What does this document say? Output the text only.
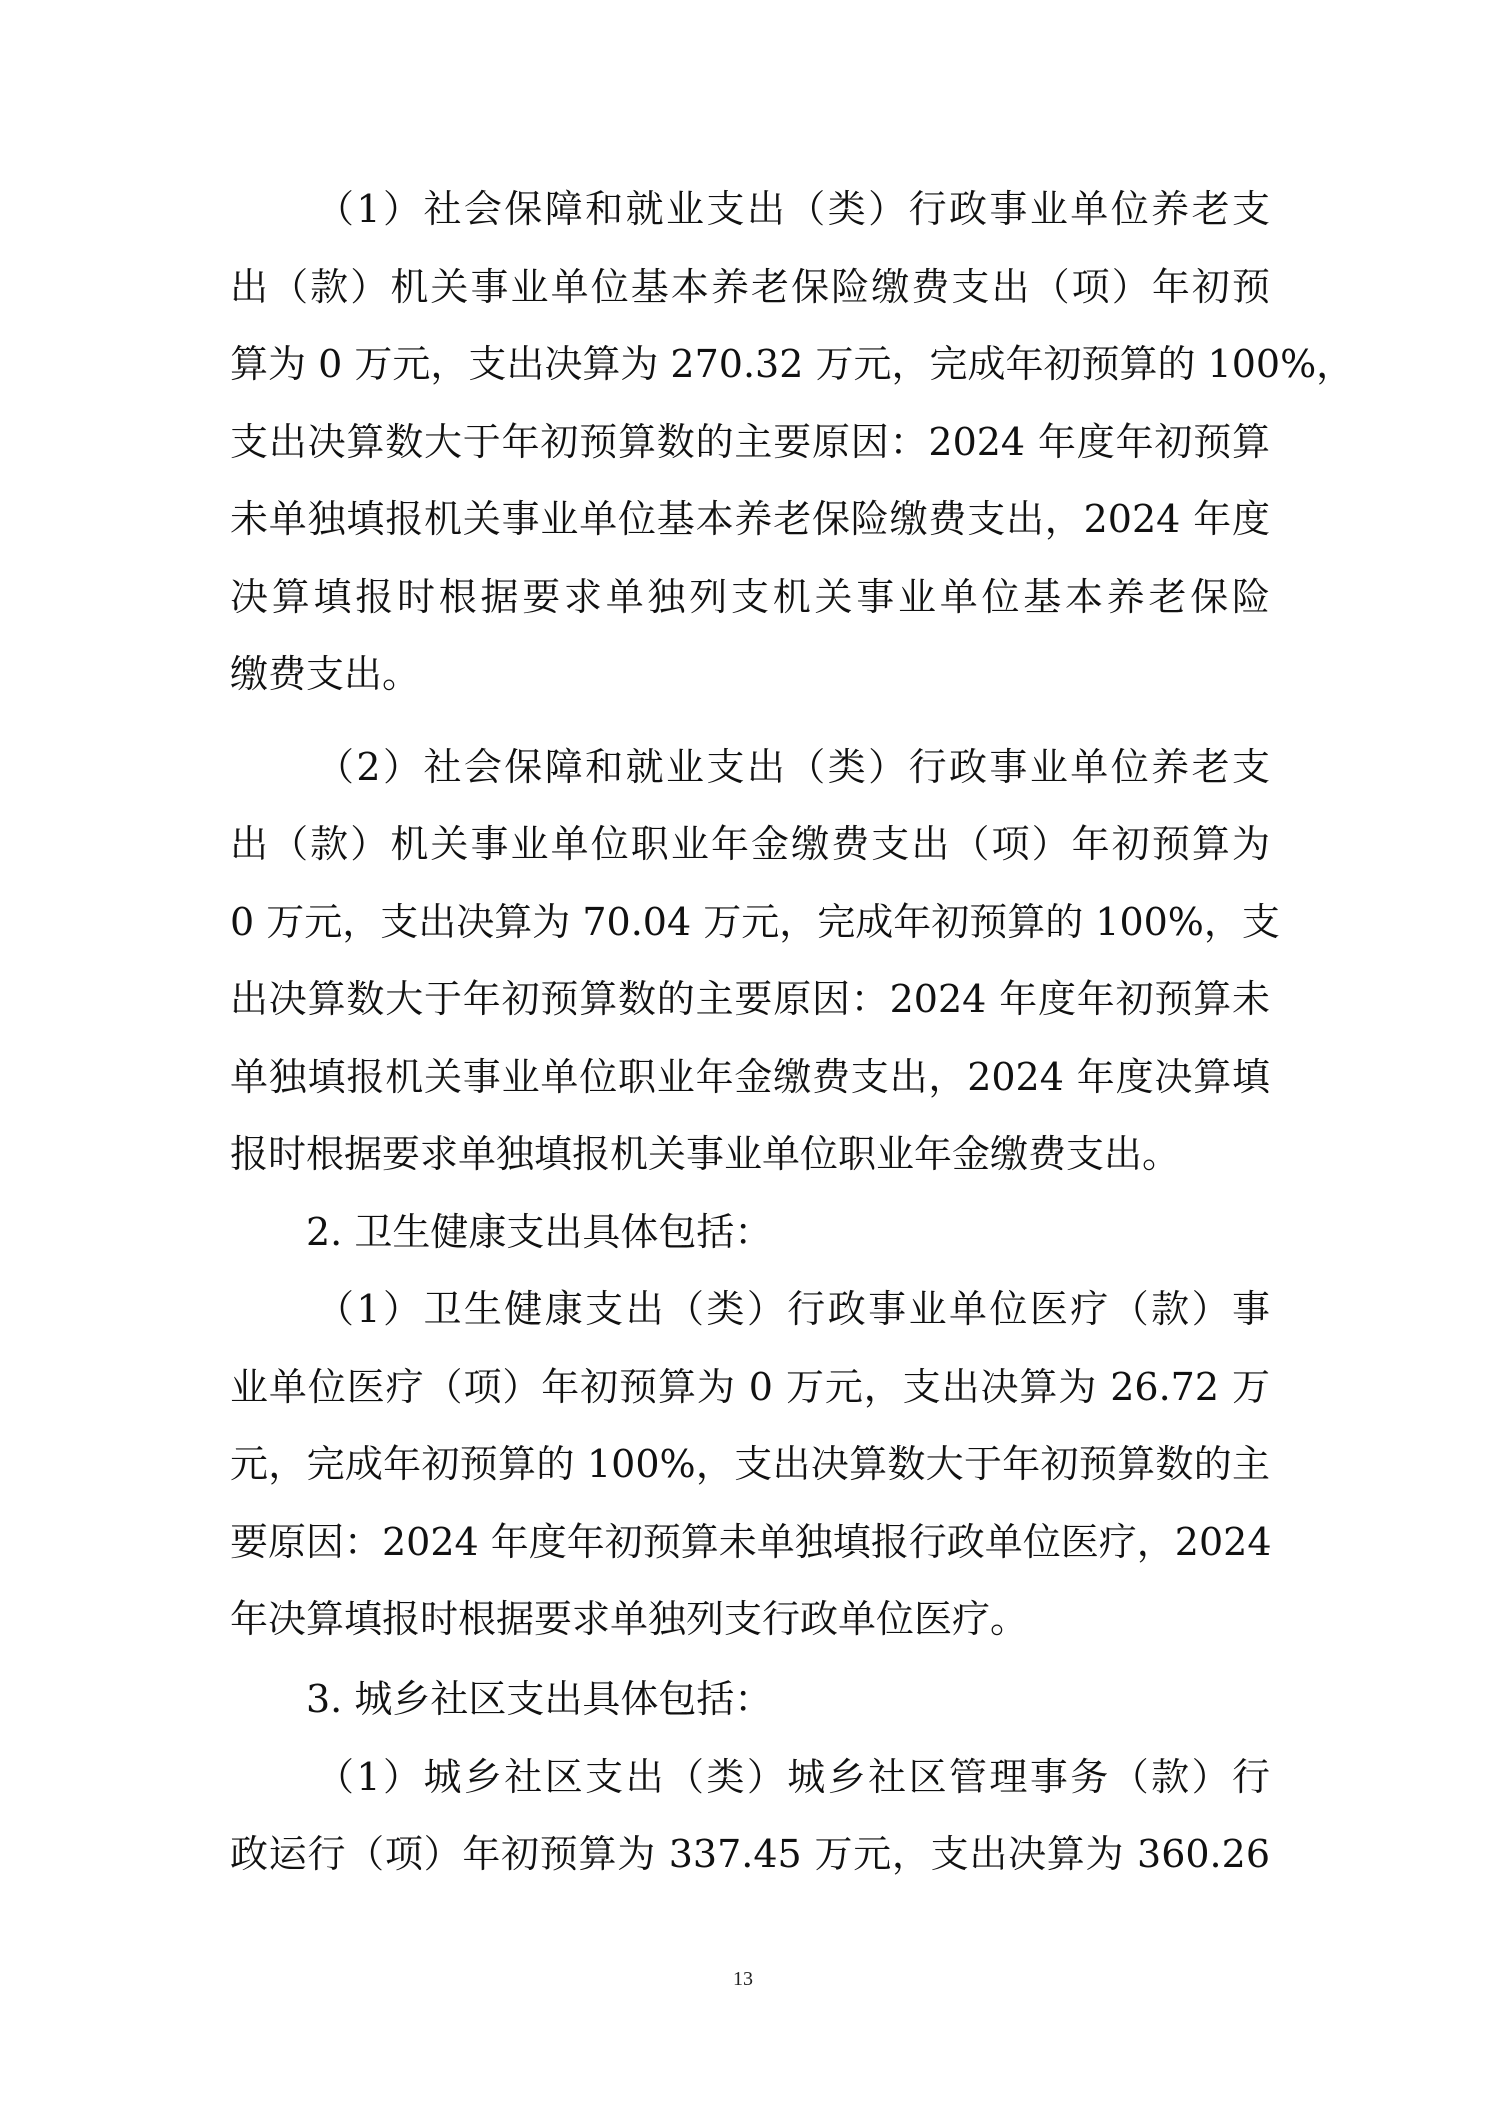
（1）社会保障和就业支出（类）行政事业单位养老支
出（款）机关事业单位基本养老保险缴费支出（项）年初预
算为 0 万元，支出决算为 270.32 万元，完成年初预算的 100%，
支出决算数大于年初预算数的主要原因：2024 年度年初预算
未单独填报机关事业单位基本养老保险缴费支出，2024 年度
决算填报时根据要求单独列支机关事业单位基本养老保险
缴费支出。
（2）社会保障和就业支出（类）行政事业单位养老支
出（款）机关事业单位职业年金缴费支出（项）年初预算为
0 万元，支出决算为 70.04 万元，完成年初预算的 100%，支
出决算数大于年初预算数的主要原因：2024 年度年初预算未
单独填报机关事业单位职业年金缴费支出，2024 年度决算填
报时根据要求单独填报机关事业单位职业年金缴费支出。
2. 卫生健康支出具体包括：
（1）卫生健康支出（类）行政事业单位医疗（款）事
业单位医疗（项）年初预算为 0 万元，支出决算为 26.72 万
元，完成年初预算的 100%，支出决算数大于年初预算数的主
要原因：2024 年度年初预算未单独填报行政单位医疗，2024
年决算填报时根据要求单独列支行政单位医疗。
3. 城乡社区支出具体包括：
（1）城乡社区支出（类）城乡社区管理事务（款）行
政运行（项）年初预算为 337.45 万元，支出决算为 360.26
13
